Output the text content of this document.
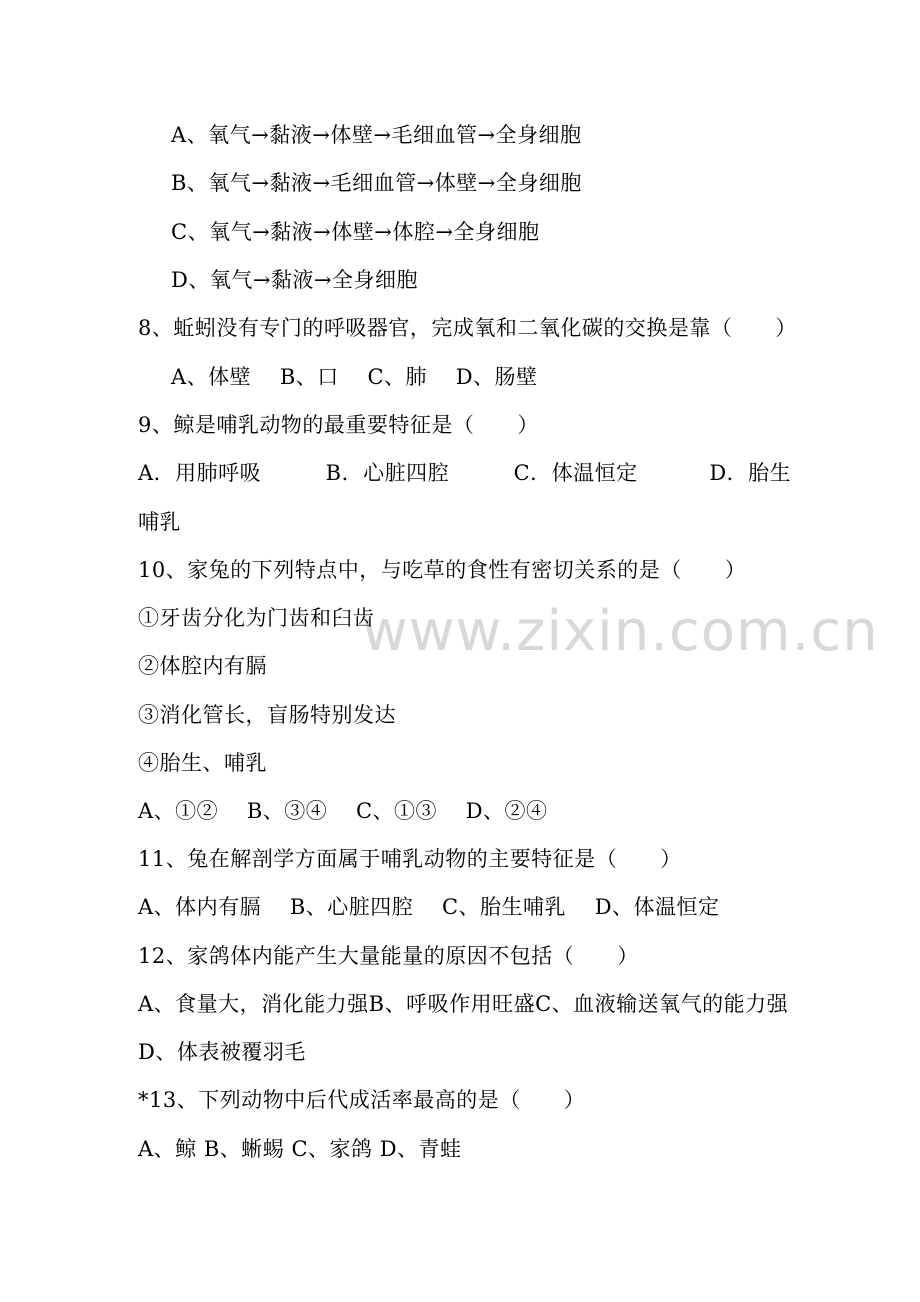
www.zixin.com.cn
A、氧气→黏液→体壁→毛细血管→全身细胞
B、氧气→黏液→毛细血管→体壁→全身细胞
C、氧气→黏液→体壁→体腔→全身细胞
D、氧气→黏液→全身细胞
8、蚯蚓没有专门的呼吸器官，完成氧和二氧化碳的交换是靠（　　）
A、体壁　 B、口　 C、肺　 D、肠壁
9、鲸是哺乳动物的最重要特征是（　　）
A．用肺呼吸　　　B．心脏四腔　　　C．体温恒定　　　 D．胎生
哺乳
10、家兔的下列特点中，与吃草的食性有密切关系的是（　　）
①牙齿分化为门齿和臼齿
②体腔内有膈
③消化管长，盲肠特别发达
④胎生、哺乳
A、①②　 B、③④　 C、①③　 D、②④
11、兔在解剖学方面属于哺乳动物的主要特征是（　　）
A、体内有膈　 B、心脏四腔　 C、胎生哺乳　 D、体温恒定
12、家鸽体内能产生大量能量的原因不包括（　　）
A、食量大，消化能力强B、呼吸作用旺盛C、血液输送氧气的能力强
D、体表被覆羽毛
*13、下列动物中后代成活率最高的是（　　）
A、鲸 B、蜥蜴 C、家鸽 D、青蛙
